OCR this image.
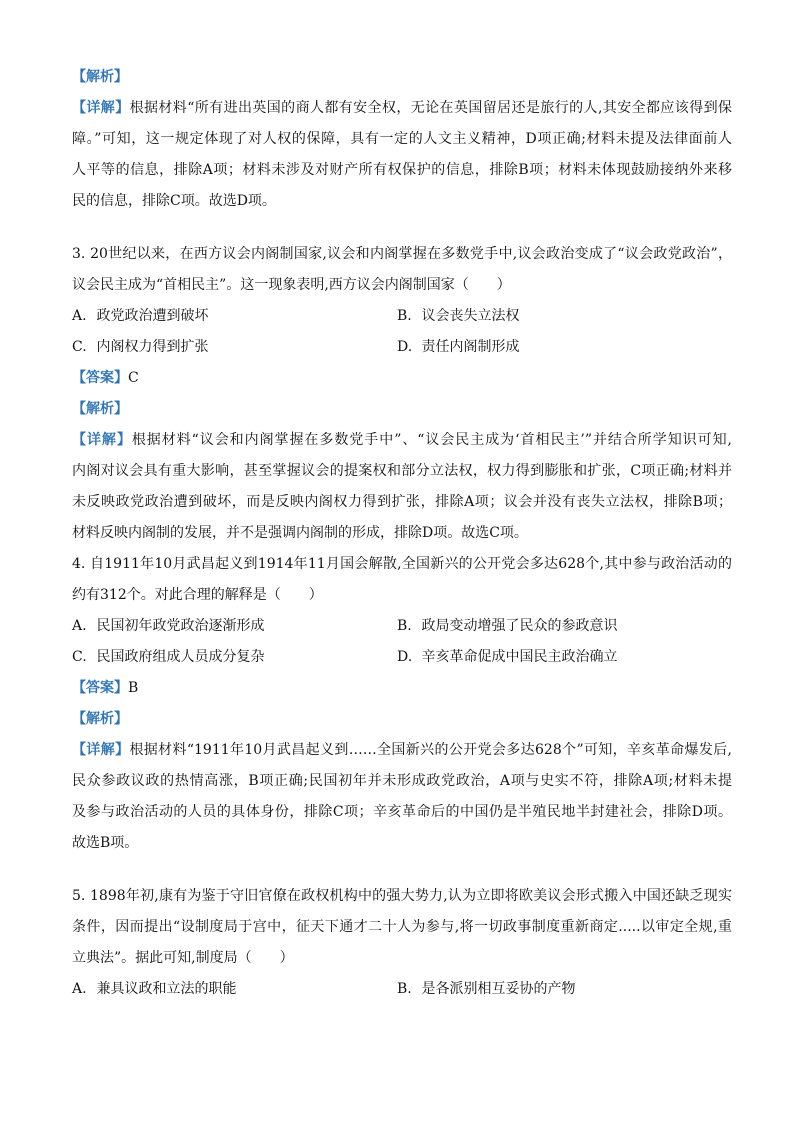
【解析】
【详解】根据材料“所有进出英国的商人都有安全权，无论在英国留居还是旅行的人,其安全都应该得到保
障。”可知，这一规定体现了对人权的保障，具有一定的人文主义精神，D项正确;材料未提及法律面前人
人平等的信息，排除A项；材料未涉及对财产所有权保护的信息，排除B项；材料未体现鼓励接纳外来移
民的信息，排除C项。故选D项。
3. 20世纪以来，在西方议会内阁制国家,议会和内阁掌握在多数党手中,议会政治变成了“议会政党政治”，
议会民主成为“首相民主”。这一现象表明,西方议会内阁制国家（　　）
A. 政党政治遭到破坏	B. 议会丧失立法权
C. 内阁权力得到扩张	D. 责任内阁制形成
【答案】C
【解析】
【详解】根据材料“议会和内阁掌握在多数党手中”、“议会民主成为‘首相民主’”并结合所学知识可知,
内阁对议会具有重大影响，甚至掌握议会的提案权和部分立法权，权力得到膨胀和扩张，C项正确;材料并
未反映政党政治遭到破坏，而是反映内阁权力得到扩张，排除A项；议会并没有丧失立法权，排除B项；
材料反映内阁制的发展，并不是强调内阁制的形成，排除D项。故选C项。
4. 自1911年10月武昌起义到1914年11月国会解散,全国新兴的公开党会多达628个,其中参与政治活动的
约有312个。对此合理的解释是（　　）
A. 民国初年政党政治逐渐形成	B. 政局变动增强了民众的参政意识
C. 民国政府组成人员成分复杂	D. 辛亥革命促成中国民主政治确立
【答案】B
【解析】
【详解】根据材料“1911年10月武昌起义到……全国新兴的公开党会多达628个”可知，辛亥革命爆发后,
民众参政议政的热情高涨，B项正确;民国初年并未形成政党政治，A项与史实不符，排除A项;材料未提
及参与政治活动的人员的具体身份，排除C项；辛亥革命后的中国仍是半殖民地半封建社会，排除D项。
故选B项。
5. 1898年初,康有为鉴于守旧官僚在政权机构中的强大势力,认为立即将欧美议会形式搬入中国还缺乏现实
条件，因而提出“设制度局于宫中，征天下通才二十人为参与,将一切政事制度重新商定.....以审定全规,重
立典法”。据此可知,制度局（　　）
A. 兼具议政和立法的职能	B. 是各派别相互妥协的产物
